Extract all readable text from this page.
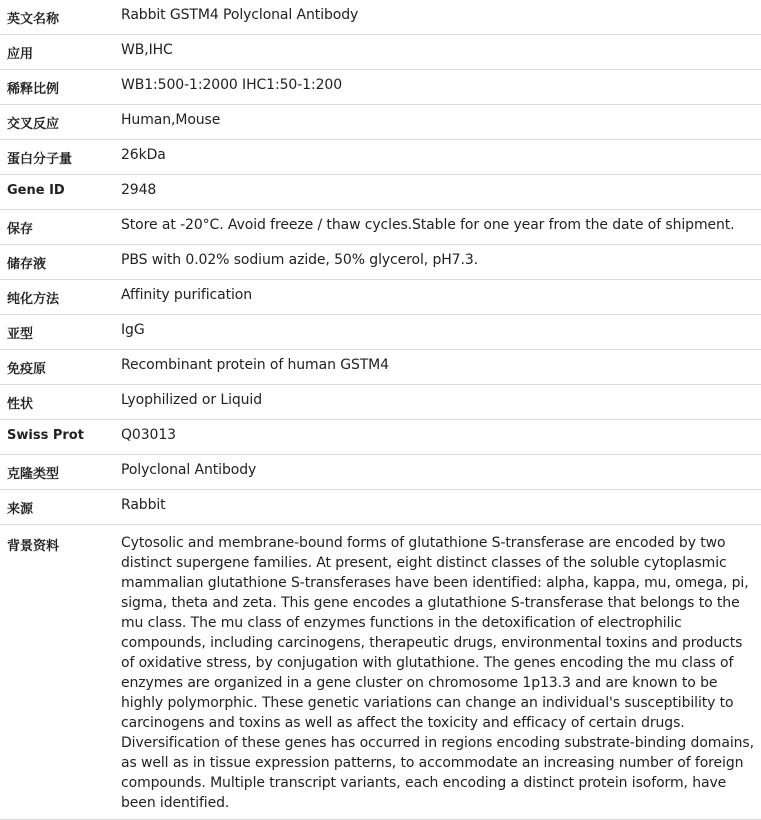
英文名称	Rabbit GSTM4 Polyclonal Antibody
应用	WB,IHC
稀释比例	WB1:500-1:2000 IHC1:50-1:200
交叉反应	Human,Mouse
蛋白分子量	26kDa
Gene ID	2948
保存	Store at -20°C. Avoid freeze / thaw cycles.Stable for one year from the date of shipment.
储存液	PBS with 0.02% sodium azide, 50% glycerol, pH7.3.
纯化方法	Affinity purification
亚型	IgG
免疫原	Recombinant protein of human GSTM4
性状	Lyophilized or Liquid
Swiss Prot	Q03013
克隆类型	Polyclonal Antibody
来源	Rabbit
背景资料	Cytosolic and membrane-bound forms of glutathione S-transferase are encoded by two distinct supergene families. At present, eight distinct classes of the soluble cytoplasmic mammalian glutathione S-transferases have been identified: alpha, kappa, mu, omega, pi, sigma, theta and zeta. This gene encodes a glutathione S-transferase that belongs to the mu class. The mu class of enzymes functions in the detoxification of electrophilic compounds, including carcinogens, therapeutic drugs, environmental toxins and products of oxidative stress, by conjugation with glutathione. The genes encoding the mu class of enzymes are organized in a gene cluster on chromosome 1p13.3 and are known to be highly polymorphic. These genetic variations can change an individual's susceptibility to carcinogens and toxins as well as affect the toxicity and efficacy of certain drugs. Diversification of these genes has occurred in regions encoding substrate-binding domains, as well as in tissue expression patterns, to accommodate an increasing number of foreign compounds. Multiple transcript variants, each encoding a distinct protein isoform, have been identified.
